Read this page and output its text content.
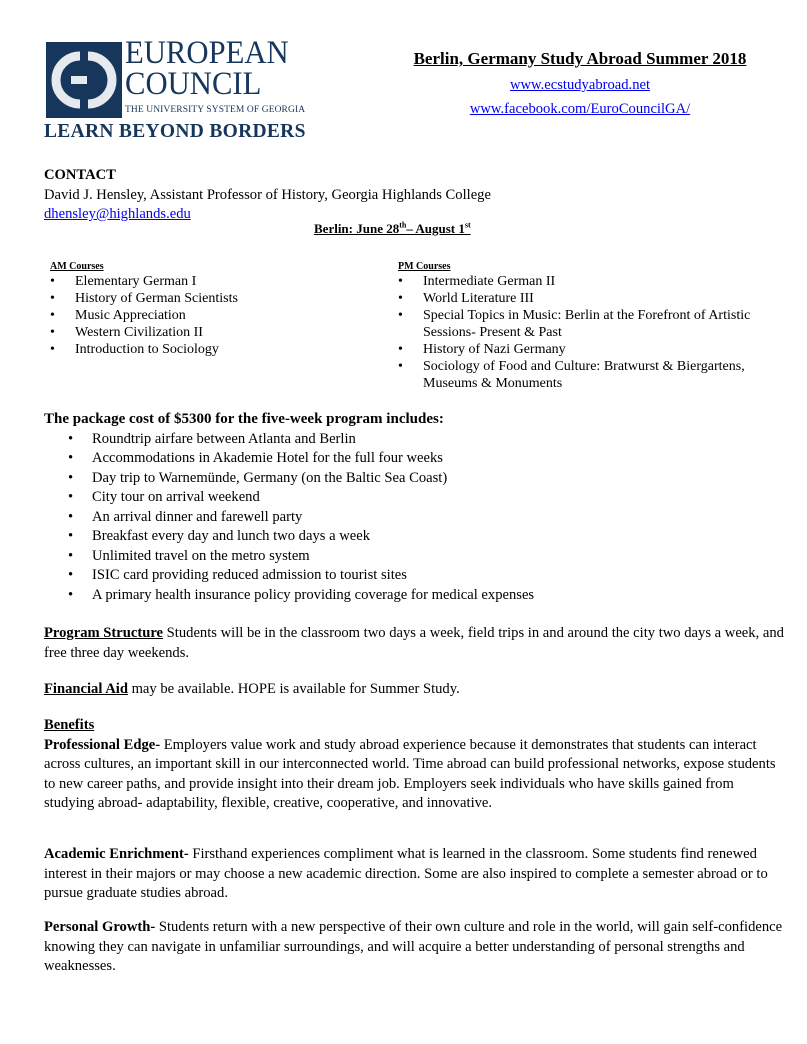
EUROPEAN
COUNCIL
THE UNIVERSITY SYSTEM OF GEORGIA
LEARN BEYOND BORDERS
Berlin, Germany Study Abroad Summer 2018
www.ecstudyabroad.net
www.facebook.com/EuroCouncilGA/
CONTACT
David J. Hensley, Assistant Professor of History, Georgia Highlands College
dhensley@highlands.edu
Berlin: June 28th– August 1st
AM Courses
• Elementary German I
• History of German Scientists
• Music Appreciation
• Western Civilization II
• Introduction to Sociology
PM Courses
• Intermediate German II
• World Literature III
• Special Topics in Music: Berlin at the Forefront of Artistic Sessions- Present & Past
• History of Nazi Germany
• Sociology of Food and Culture: Bratwurst & Biergartens, Museums & Monuments
The package cost of $5300 for the five-week program includes:
• Roundtrip airfare between Atlanta and Berlin
• Accommodations in Akademie Hotel for the full four weeks
• Day trip to Warnemünde, Germany (on the Baltic Sea Coast)
• City tour on arrival weekend
• An arrival dinner and farewell party
• Breakfast every day and lunch two days a week
• Unlimited travel on the metro system
• ISIC card providing reduced admission to tourist sites
• A primary health insurance policy providing coverage for medical expenses
Program Structure Students will be in the classroom two days a week, field trips in and around the city two days a week, and free three day weekends.
Financial Aid may be available. HOPE is available for Summer Study.
Benefits
Professional Edge- Employers value work and study abroad experience because it demonstrates that students can interact across cultures, an important skill in our interconnected world. Time abroad can build professional networks, expose students to new career paths, and provide insight into their dream job. Employers seek individuals who have skills gained from studying abroad- adaptability, flexible, creative, cooperative, and innovative.
Academic Enrichment- Firsthand experiences compliment what is learned in the classroom. Some students find renewed interest in their majors or may choose a new academic direction. Some are also inspired to complete a semester abroad or to pursue graduate studies abroad.
Personal Growth- Students return with a new perspective of their own culture and role in the world, will gain self-confidence knowing they can navigate in unfamiliar surroundings, and will acquire a better understanding of personal strengths and weaknesses.
